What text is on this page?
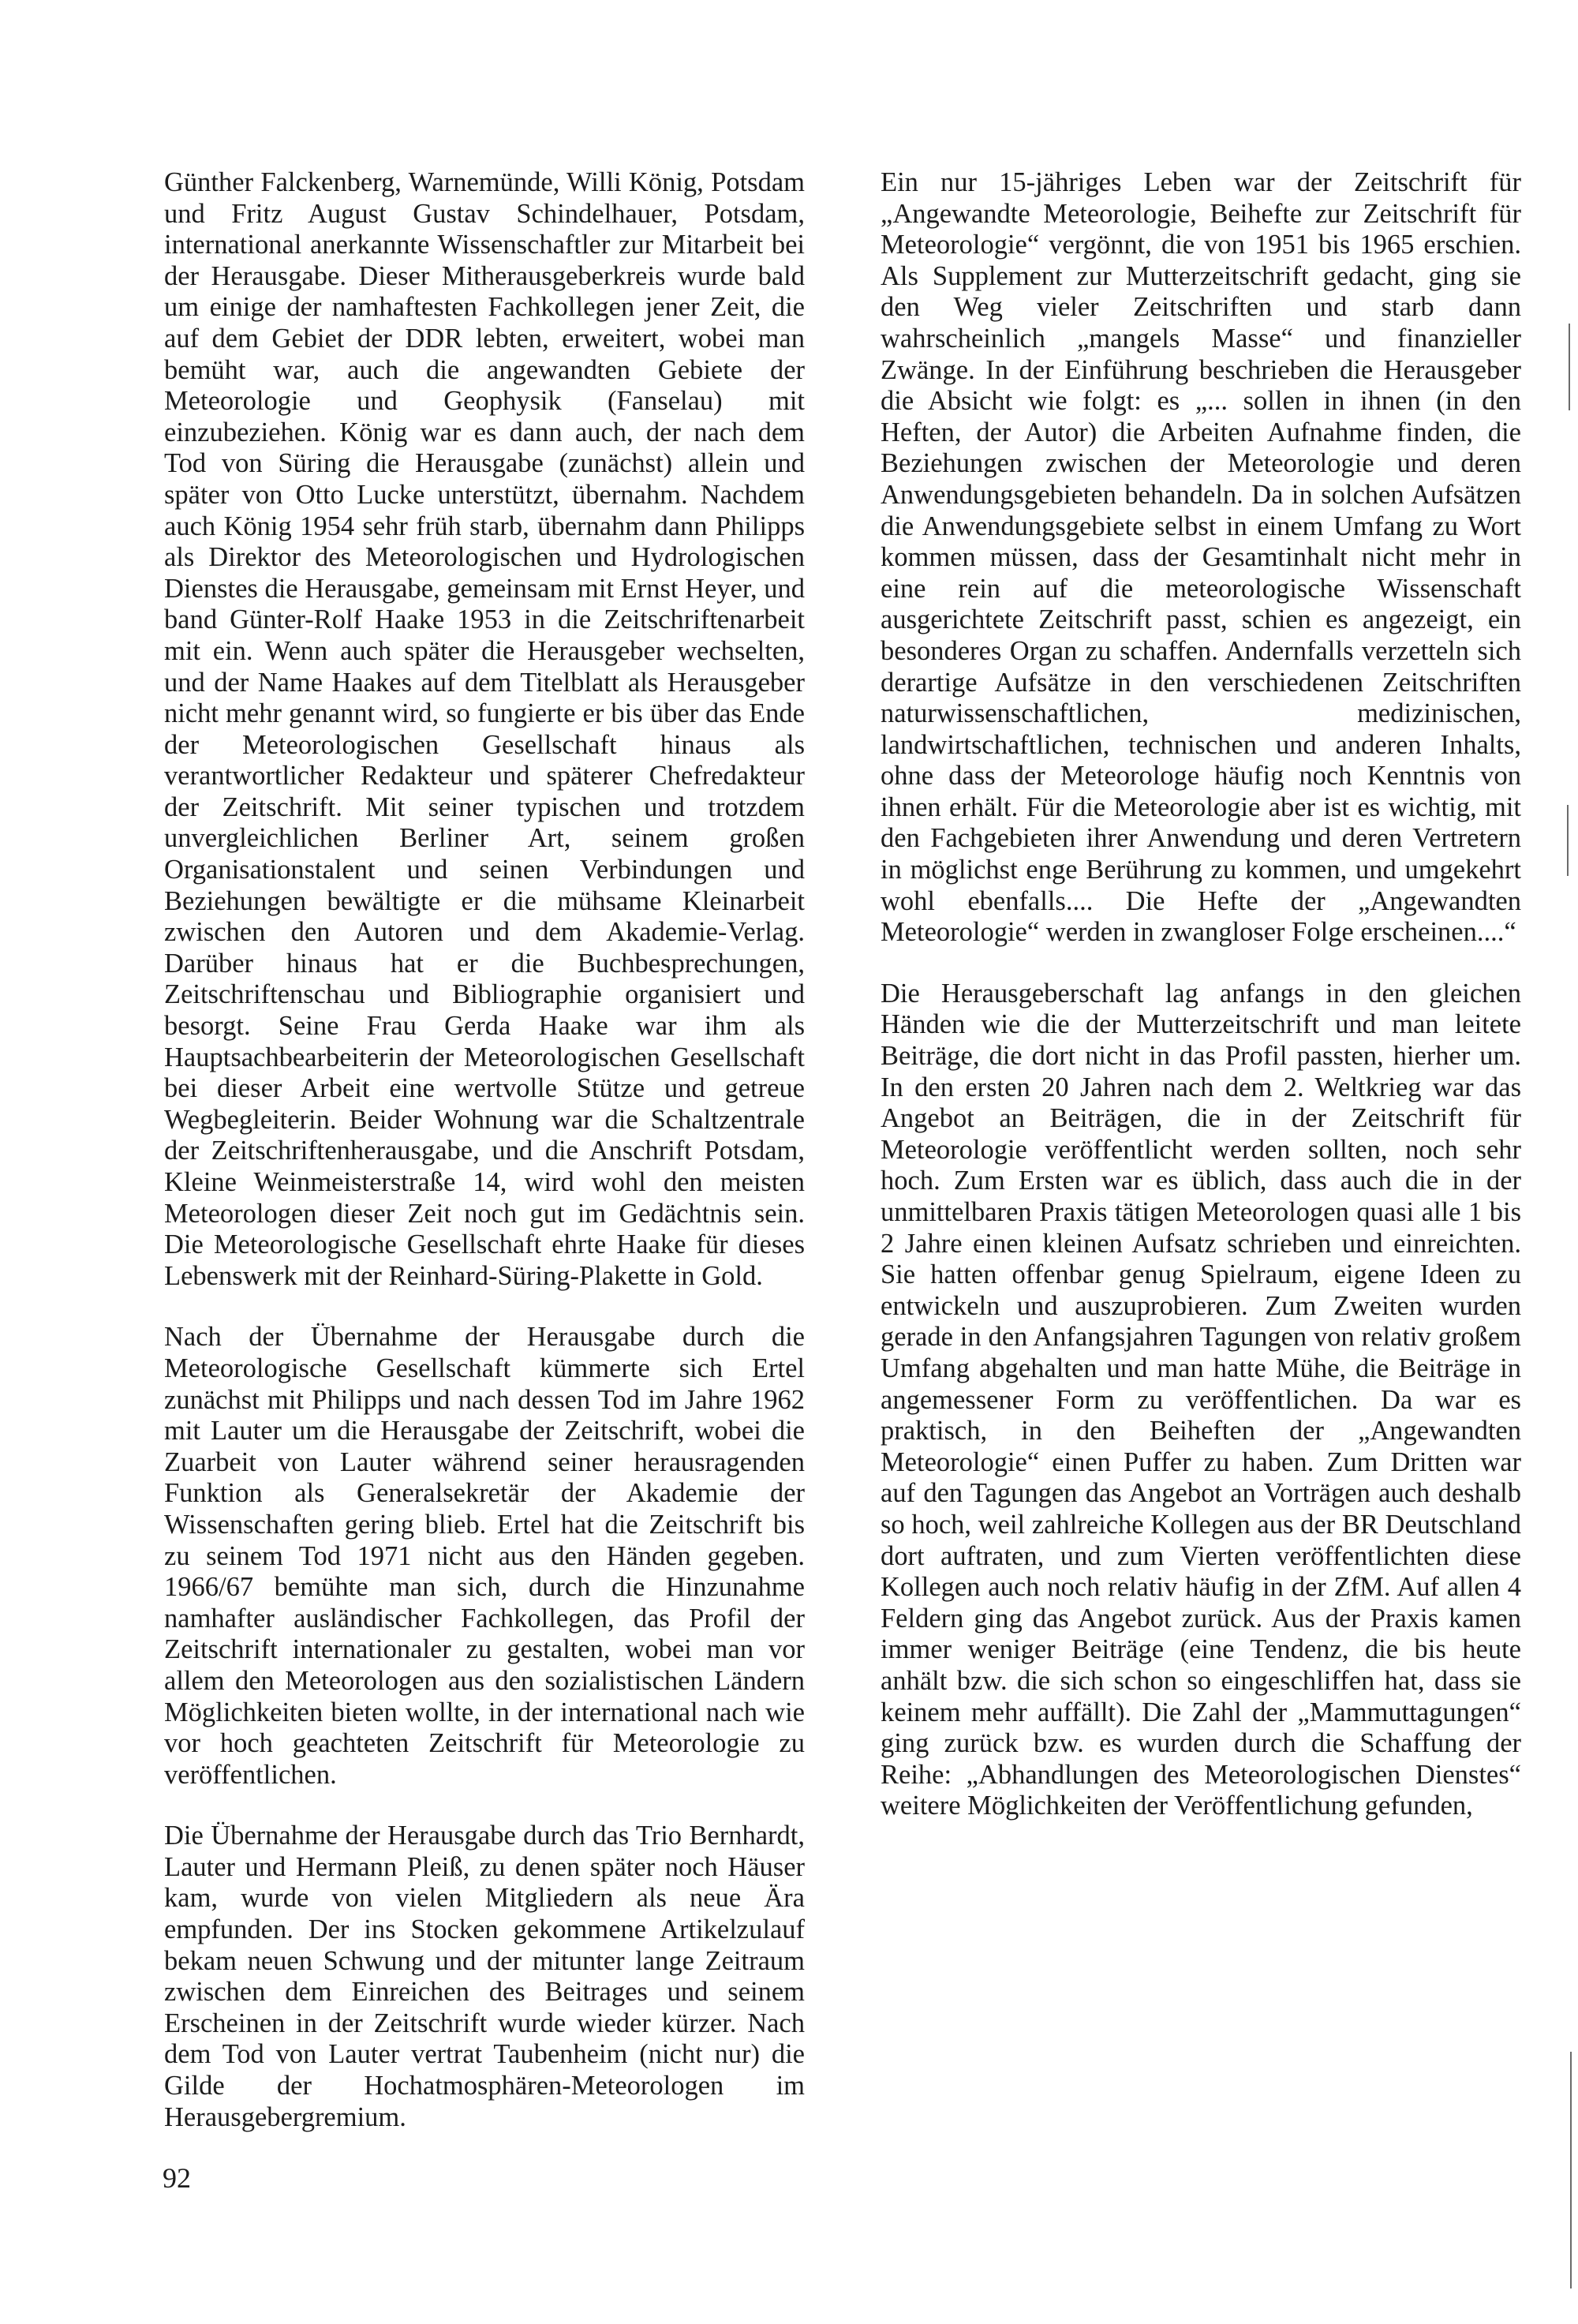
Günther Falckenberg, Warnemünde, Willi König, Potsdam und Fritz August Gustav Schindelhauer, Potsdam, international anerkannte Wissenschaftler zur Mitarbeit bei der Herausgabe. Dieser Mitherausgeberkreis wurde bald um einige der namhaftesten Fachkollegen jener Zeit, die auf dem Gebiet der DDR lebten, erweitert, wobei man bemüht war, auch die angewandten Gebiete der Meteorologie und Geophysik (Fanselau) mit einzubeziehen. König war es dann auch, der nach dem Tod von Süring die Herausgabe (zunächst) allein und später von Otto Lucke unterstützt, übernahm. Nachdem auch König 1954 sehr früh starb, übernahm dann Philipps als Direktor des Meteorologischen und Hydrologischen Dienstes die Herausgabe, gemeinsam mit Ernst Heyer, und band Günter-Rolf Haake 1953 in die Zeitschriftenarbeit mit ein. Wenn auch später die Herausgeber wechselten, und der Name Haakes auf dem Titelblatt als Herausgeber nicht mehr genannt wird, so fungierte er bis über das Ende der Meteorologischen Gesellschaft hinaus als verantwortlicher Redakteur und späterer Chefredakteur der Zeitschrift. Mit seiner typischen und trotzdem unvergleichlichen Berliner Art, seinem großen Organisationstalent und seinen Verbindungen und Beziehungen bewältigte er die mühsame Kleinarbeit zwischen den Autoren und dem Akademie-Verlag. Darüber hinaus hat er die Buchbesprechungen, Zeitschriftenschau und Bibliographie organisiert und besorgt. Seine Frau Gerda Haake war ihm als Hauptsachbearbeiterin der Meteorologischen Gesellschaft bei dieser Arbeit eine wertvolle Stütze und getreue Wegbegleiterin. Beider Wohnung war die Schaltzentrale der Zeitschriftenherausgabe, und die Anschrift Potsdam, Kleine Weinmeisterstraße 14, wird wohl den meisten Meteorologen dieser Zeit noch gut im Gedächtnis sein. Die Meteorologische Gesellschaft ehrte Haake für dieses Lebenswerk mit der Reinhard-Süring-Plakette in Gold.

Nach der Übernahme der Herausgabe durch die Meteorologische Gesellschaft kümmerte sich Ertel zunächst mit Philipps und nach dessen Tod im Jahre 1962 mit Lauter um die Herausgabe der Zeitschrift, wobei die Zuarbeit von Lauter während seiner herausragenden Funktion als Generalsekretär der Akademie der Wissenschaften gering blieb. Ertel hat die Zeitschrift bis zu seinem Tod 1971 nicht aus den Händen gegeben. 1966/67 bemühte man sich, durch die Hinzunahme namhafter ausländischer Fachkollegen, das Profil der Zeitschrift internationaler zu gestalten, wobei man vor allem den Meteorologen aus den sozialistischen Ländern Möglichkeiten bieten wollte, in der international nach wie vor hoch geachteten Zeitschrift für Meteorologie zu veröffentlichen.

Die Übernahme der Herausgabe durch das Trio Bernhardt, Lauter und Hermann Pleiß, zu denen später noch Häuser kam, wurde von vielen Mitgliedern als neue Ära empfunden. Der ins Stocken gekommene Artikelzulauf bekam neuen Schwung und der mitunter lange Zeitraum zwischen dem Einreichen des Beitrages und seinem Erscheinen in der Zeitschrift wurde wieder kürzer. Nach dem Tod von Lauter vertrat Taubenheim (nicht nur) die Gilde der Hochatmosphären-Meteorologen im Herausgebergremium.

Ein nur 15-jähriges Leben war der Zeitschrift für „Angewandte Meteorologie, Beihefte zur Zeitschrift für Meteorologie“ vergönnt, die von 1951 bis 1965 erschien. Als Supplement zur Mutterzeitschrift gedacht, ging sie den Weg vieler Zeitschriften und starb dann wahrscheinlich „mangels Masse“ und finanzieller Zwänge. In der Einführung beschrieben die Herausgeber die Absicht wie folgt: es „... sollen in ihnen (in den Heften, der Autor) die Arbeiten Aufnahme finden, die Beziehungen zwischen der Meteorologie und deren Anwendungsgebieten behandeln. Da in solchen Aufsätzen die Anwendungsgebiete selbst in einem Umfang zu Wort kommen müssen, dass der Gesamtinhalt nicht mehr in eine rein auf die meteorologische Wissenschaft ausgerichtete Zeitschrift passt, schien es angezeigt, ein besonderes Organ zu schaffen. Andernfalls verzetteln sich derartige Aufsätze in den verschiedenen Zeitschriften naturwissenschaftlichen, medizinischen, landwirtschaftlichen, technischen und anderen Inhalts, ohne dass der Meteorologe häufig noch Kenntnis von ihnen erhält. Für die Meteorologie aber ist es wichtig, mit den Fachgebieten ihrer Anwendung und deren Vertretern in möglichst enge Berührung zu kommen, und umgekehrt wohl ebenfalls.... Die Hefte der „Angewandten Meteorologie“ werden in zwangloser Folge erscheinen....“

Die Herausgeberschaft lag anfangs in den gleichen Händen wie die der Mutterzeitschrift und man leitete Beiträge, die dort nicht in das Profil passten, hierher um. In den ersten 20 Jahren nach dem 2. Weltkrieg war das Angebot an Beiträgen, die in der Zeitschrift für Meteorologie veröffentlicht werden sollten, noch sehr hoch. Zum Ersten war es üblich, dass auch die in der unmittelbaren Praxis tätigen Meteorologen quasi alle 1 bis 2 Jahre einen kleinen Aufsatz schrieben und einreichten. Sie hatten offenbar genug Spielraum, eigene Ideen zu entwickeln und auszuprobieren. Zum Zweiten wurden gerade in den Anfangsjahren Tagungen von relativ großem Umfang abgehalten und man hatte Mühe, die Beiträge in angemessener Form zu veröffentlichen. Da war es praktisch, in den Beiheften der „Angewandten Meteorologie“ einen Puffer zu haben. Zum Dritten war auf den Tagungen das Angebot an Vorträgen auch deshalb so hoch, weil zahlreiche Kollegen aus der BR Deutschland dort auftraten, und zum Vierten veröffentlichten diese Kollegen auch noch relativ häufig in der ZfM. Auf allen 4 Feldern ging das Angebot zurück. Aus der Praxis kamen immer weniger Beiträge (eine Tendenz, die bis heute anhält bzw. die sich schon so eingeschliffen hat, dass sie keinem mehr auffällt). Die Zahl der „Mammuttagungen“ ging zurück bzw. es wurden durch die Schaffung der Reihe: „Abhandlungen des Meteorologischen Dienstes“ weitere Möglichkeiten der Veröffentlichung gefunden,

92
